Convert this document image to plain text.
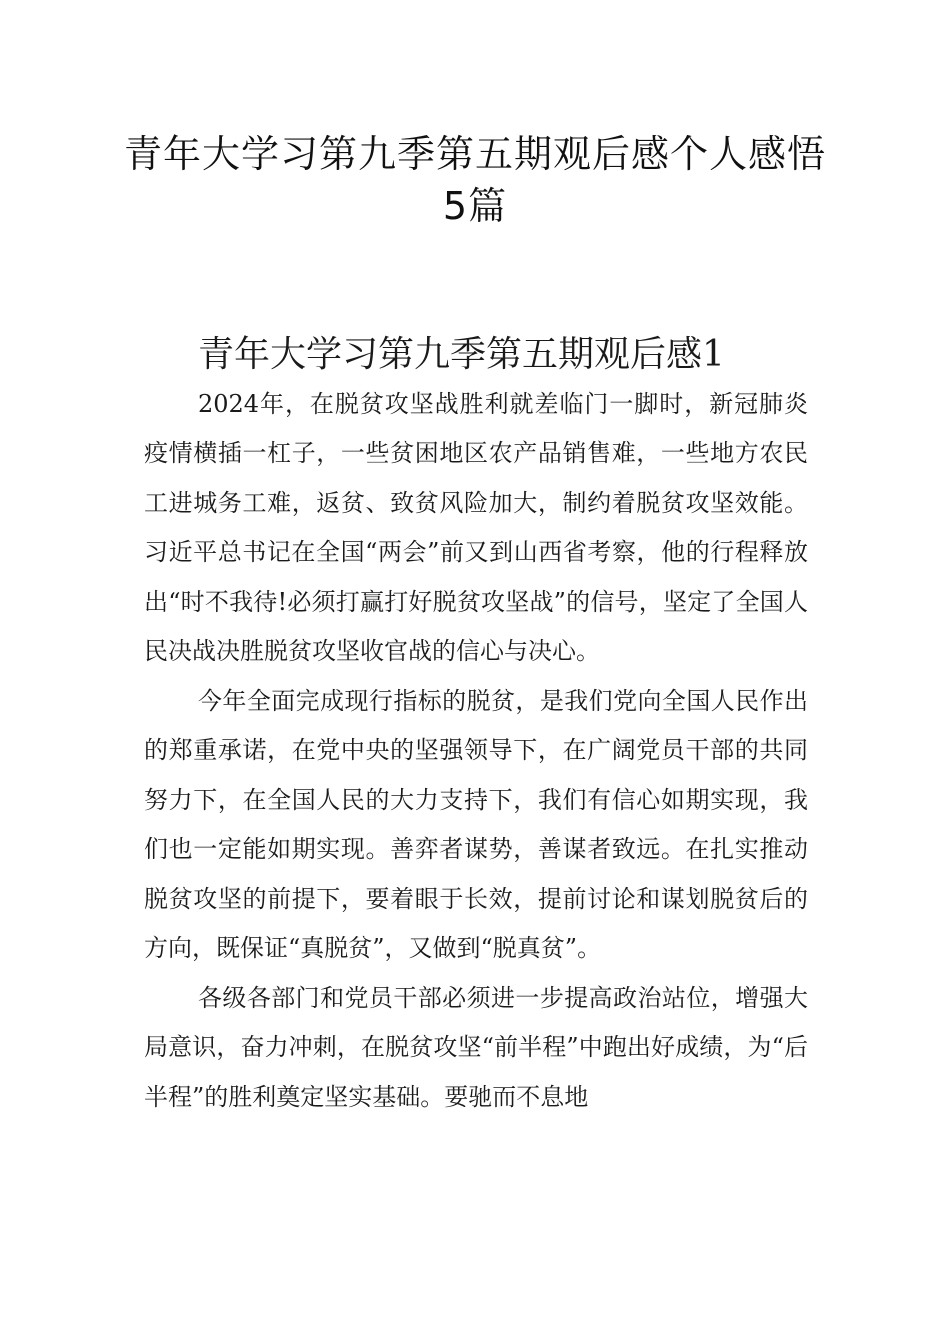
青年大学习第九季第五期观后感个人感悟5篇
青年大学习第九季第五期观后感1

2024年，在脱贫攻坚战胜利就差临门一脚时，新冠肺炎疫情横插一杠子，一些贫困地区农产品销售难，一些地方农民工进城务工难，返贫、致贫风险加大，制约着脱贫攻坚效能。习近平总书记在全国“两会”前又到山西省考察，他的行程释放出“时不我待!必须打赢打好脱贫攻坚战”的信号，坚定了全国人民决战决胜脱贫攻坚收官战的信心与决心。

今年全面完成现行指标的脱贫，是我们党向全国人民作出的郑重承诺，在党中央的坚强领导下，在广阔党员干部的共同努力下，在全国人民的大力支持下，我们有信心如期实现，我们也一定能如期实现。善弈者谋势，善谋者致远。在扎实推动脱贫攻坚的前提下，要着眼于长效，提前讨论和谋划脱贫后的方向，既保证“真脱贫”，又做到“脱真贫”。

各级各部门和党员干部必须进一步提高政治站位，增强大局意识，奋力冲刺，在脱贫攻坚“前半程”中跑出好成绩，为“后半程”的胜利奠定坚实基础。要驰而不息地
